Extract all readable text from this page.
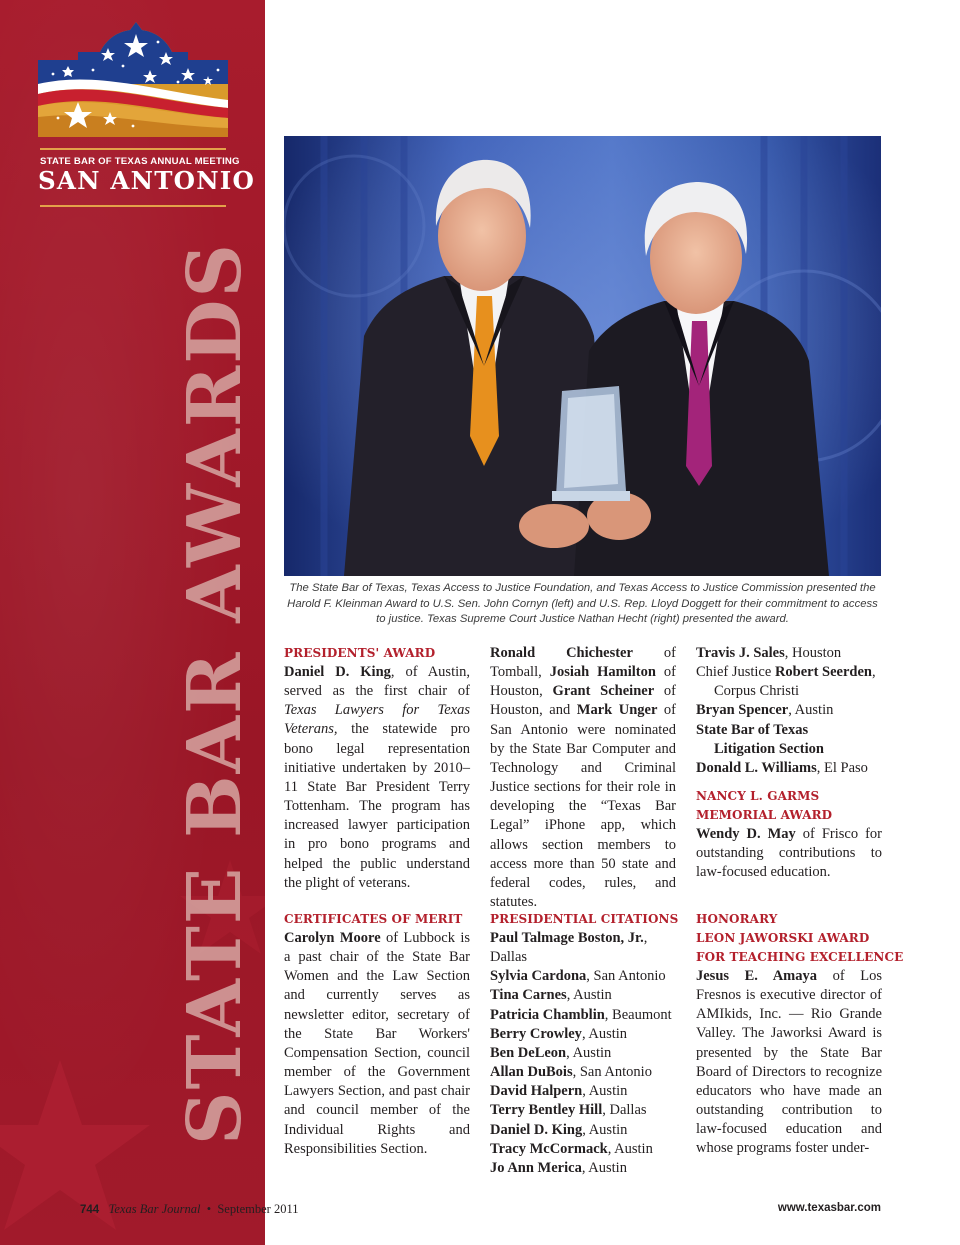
STATE BAR OF TEXAS ANNUAL MEETING
SAN ANTONIO
STATE BAR AWARDS	The State Bar of Texas, Texas Access to Justice Foundation, and Texas Access to Justice Commission presented the Harold F. Kleinman Award to U.S. Sen. John Cornyn (left) and U.S. Rep. Lloyd Doggett for their commitment to access to justice. Texas Supreme Court Justice Nathan Hecht (right) presented the award.
PRESIDENTS' AWARD

Daniel D. King, of Austin, served as the first chair of Texas Lawyers for Texas Veterans, the statewide pro bono legal representation initiative undertaken by 2010–11 State Bar President Terry Tottenham. The program has increased lawyer participation in pro bono programs and helped the public understand the plight of veterans.

CERTIFICATES OF MERIT

Carolyn Moore of Lubbock is a past chair of the State Bar Women and the Law Section and currently serves as newsletter editor, secretary of the State Bar Workers' Compensation Section, council member of the Government Lawyers Section, and past chair and council member of the Individual Rights and Responsibilities Section.

Ronald Chichester of Tomball, Josiah Hamilton of Houston, Grant Scheiner of Houston, and Mark Unger of San Antonio were nominated by the State Bar Computer and Technology and Criminal Justice sections for their role in developing the “Texas Bar Legal” iPhone app, which allows section members to access more than 50 state and federal codes, rules, and statutes.

PRESIDENTIAL CITATIONS
Paul Talmage Boston, Jr., Dallas
Sylvia Cardona, San Antonio
Tina Carnes, Austin
Patricia Chamblin, Beaumont
Berry Crowley, Austin
Ben DeLeon, Austin
Allan DuBois, San Antonio
David Halpern, Austin
Terry Bentley Hill, Dallas
Daniel D. King, Austin
Tracy McCormack, Austin
Jo Ann Merica, Austin
Travis J. Sales, Houston
Chief Justice Robert Seerden,
Corpus Christi
Bryan Spencer, Austin
State Bar of Texas
Litigation Section
Donald L. Williams, El Paso
NANCY L. GARMS
MEMORIAL AWARD

Wendy D. May of Frisco for outstanding contributions to law-focused education.

HONORARY
LEON JAWORSKI AWARD
FOR TEACHING EXCELLENCE

Jesus E. Amaya of Los Fresnos is executive director of AMIkids, Inc. — Rio Grande Valley. The Jaworksi Award is presented by the State Bar Board of Directors to recognize educators who have made an outstanding contribution to law-focused education and whose programs foster under-

744 Texas Bar Journal • September 2011	www.texasbar.com
